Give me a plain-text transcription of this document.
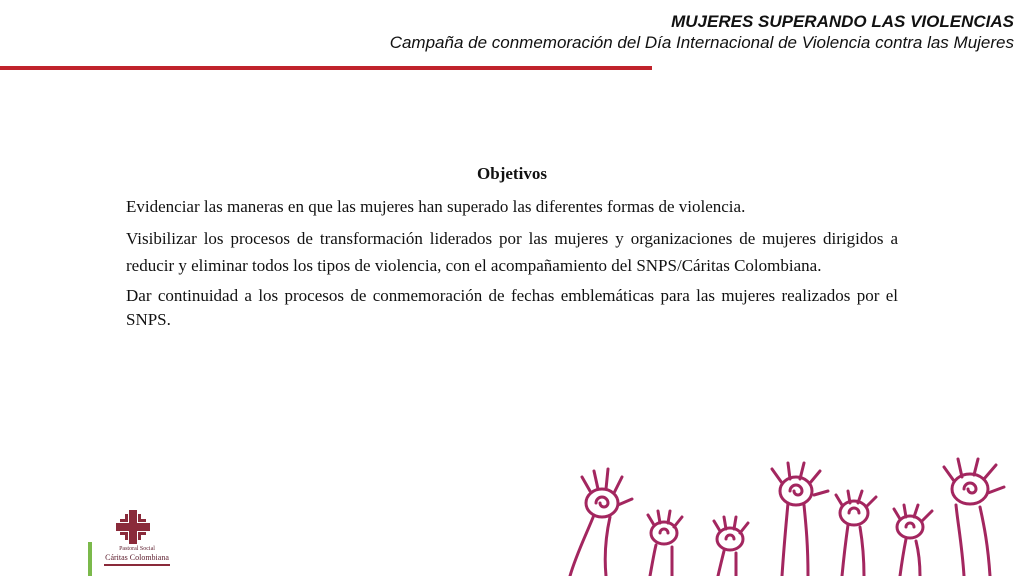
MUJERES SUPERANDO LAS VIOLENCIAS
Campaña de conmemoración del Día Internacional de Violencia contra las Mujeres

Objetivos

Evidenciar las maneras en que las mujeres han superado las diferentes formas de violencia.

Visibilizar los procesos de transformación liderados por las mujeres y organizaciones de mujeres dirigidos a reducir y eliminar todos los tipos de violencia, con el acompañamiento del SNPS/Cáritas Colombiana.

Dar continuidad a los procesos de conmemoración de fechas emblemáticas para las mujeres realizados por el SNPS.

Pastoral Social
Cáritas Colombiana
